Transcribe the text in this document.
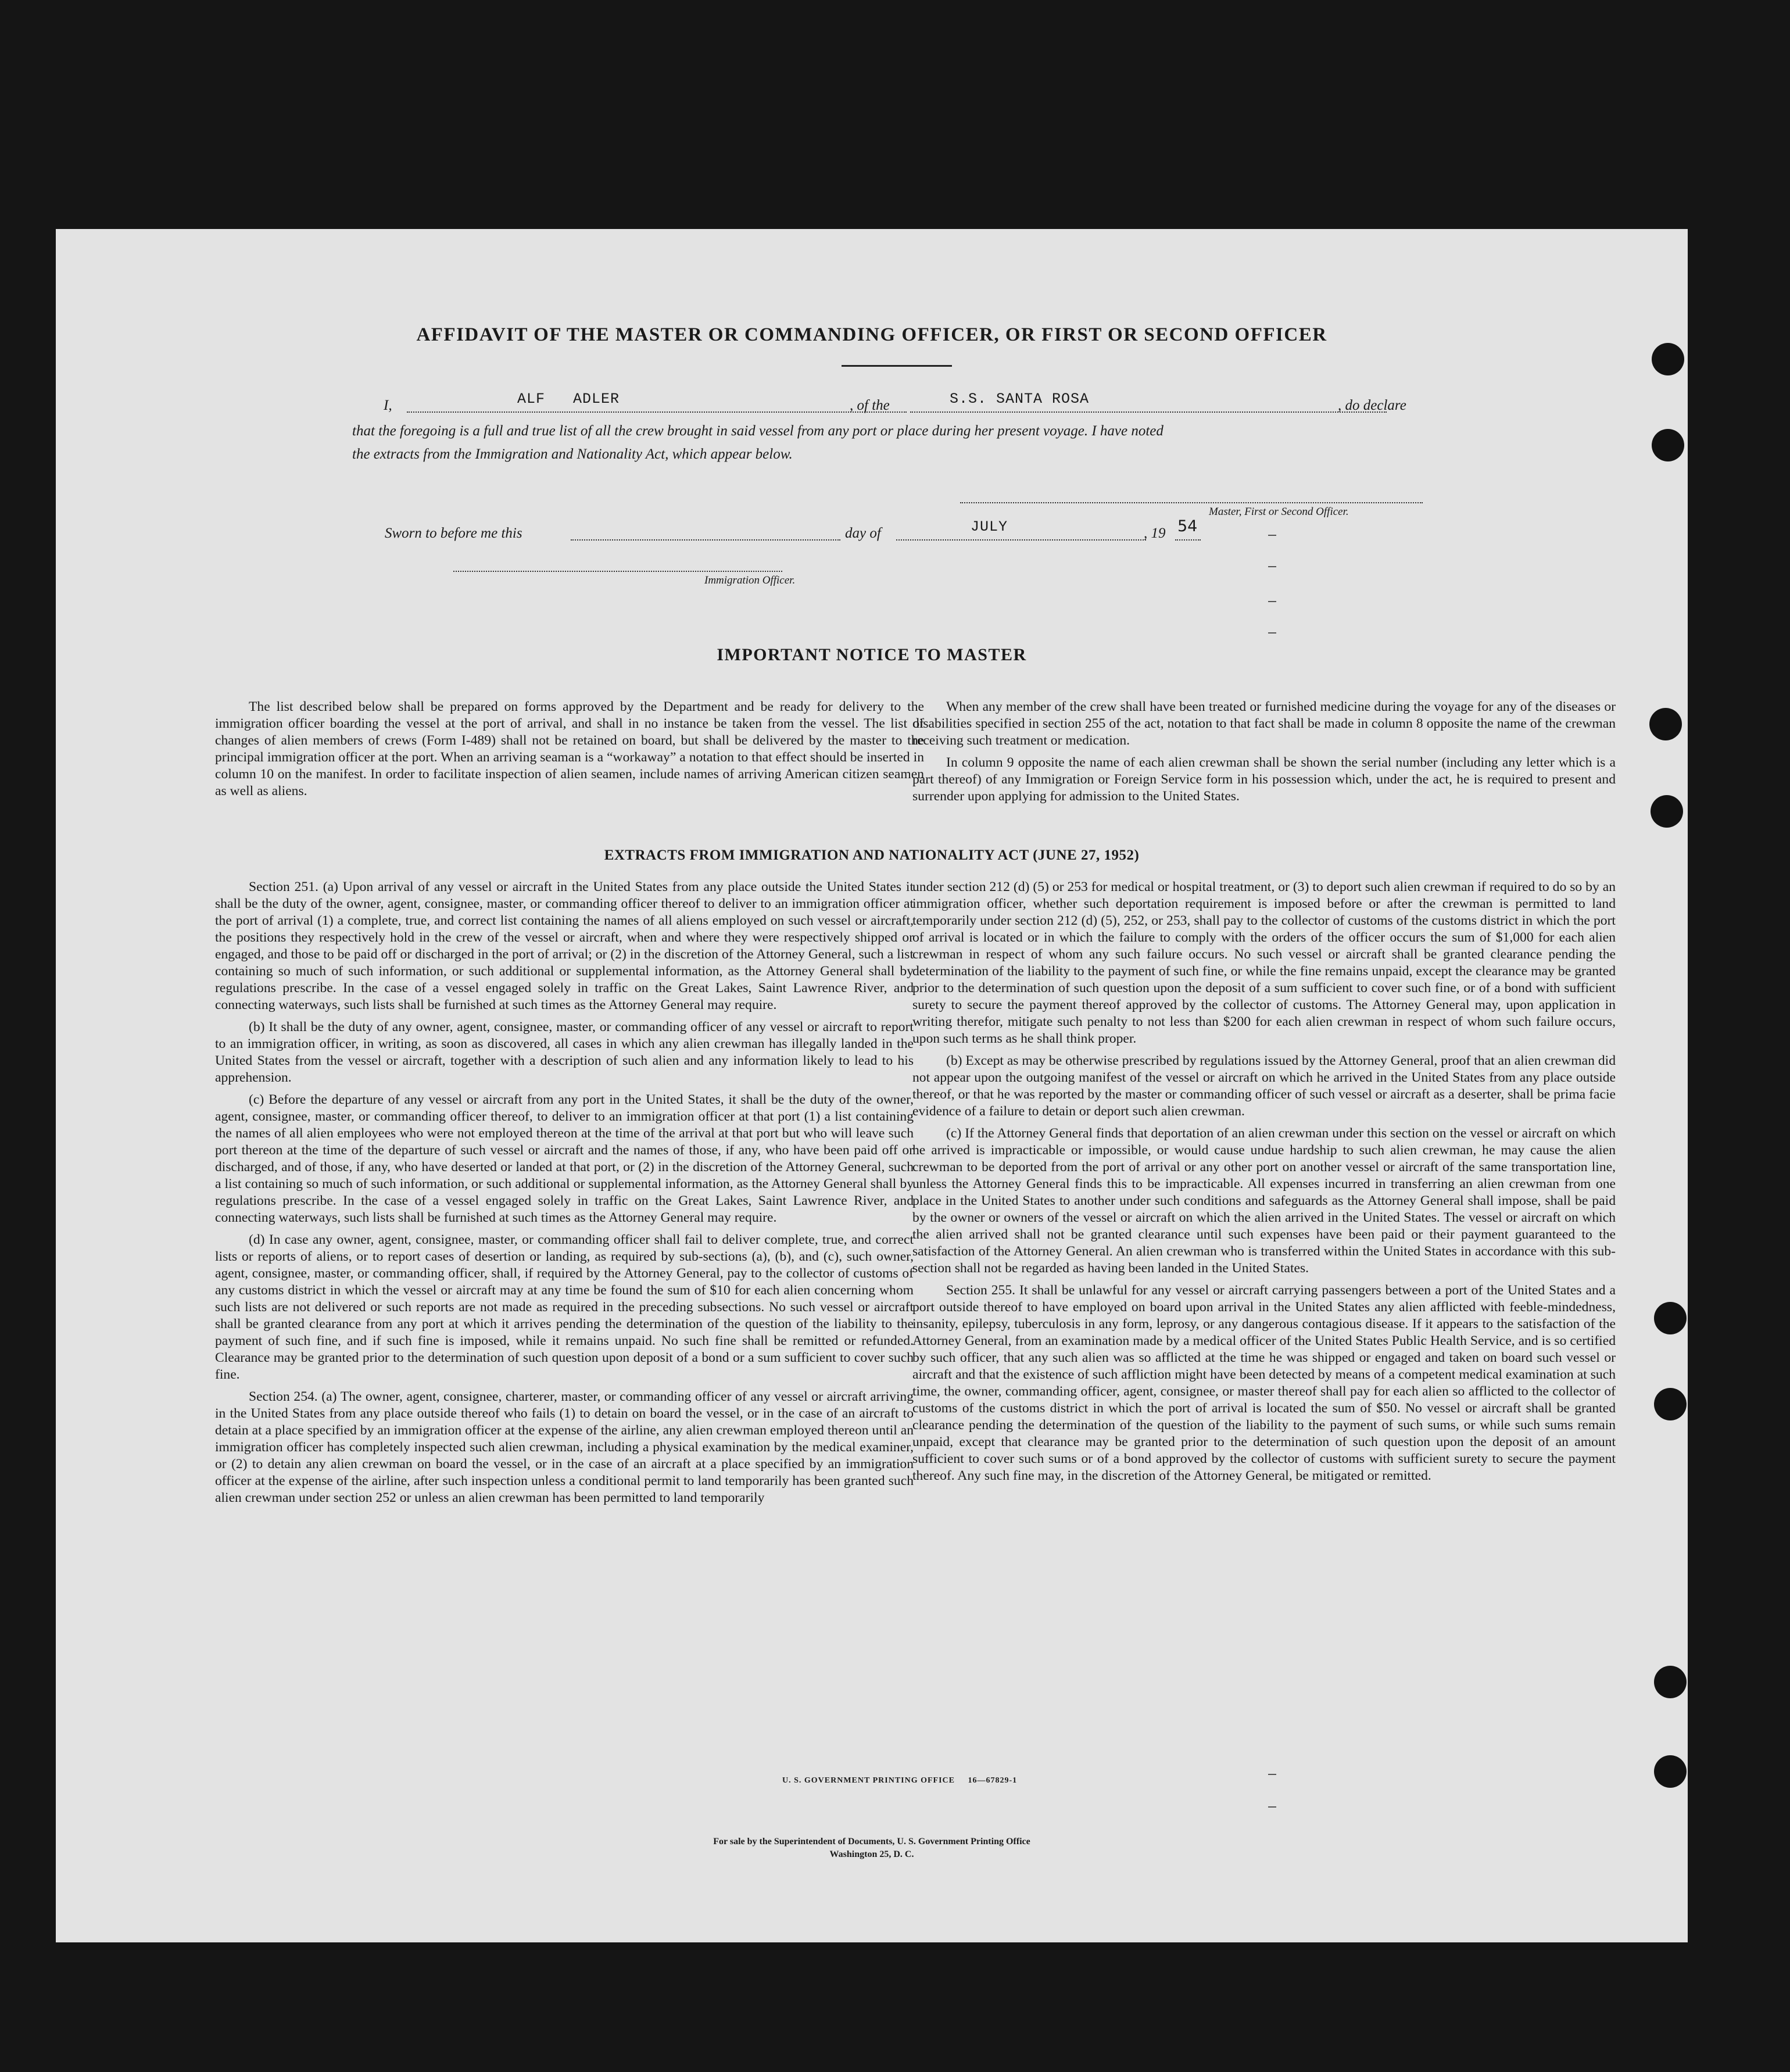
AFFIDAVIT OF THE MASTER OR COMMANDING OFFICER, OR FIRST OR SECOND OFFICER
I,	ALF   ADLER	, of the	S.S. SANTA ROSA	, do declare
that the foregoing is a full and true list of all the crew brought in said vessel from any port or place during her present voyage. I have noted
the extracts from the Immigration and Nationality Act, which appear below.
Master, First or Second Officer.
Sworn to before me this	day of	JULY	, 19 54
Immigration Officer.
IMPORTANT NOTICE TO MASTER

The list described below shall be prepared on forms approved by the Department and be ready for delivery to the immigration officer boarding the vessel at the port of arrival, and shall in no instance be taken from the vessel. The list of changes of alien members of crews (Form I-489) shall not be retained on board, but shall be delivered by the master to the principal immigration officer at the port. When an arriving seaman is a “workaway” a notation to that effect should be inserted in column 10 on the manifest. In order to facilitate inspection of alien seamen, include names of arriving American citizen seamen as well as aliens.

When any member of the crew shall have been treated or furnished medicine during the voyage for any of the diseases or disabilities specified in section 255 of the act, notation to that fact shall be made in column 8 opposite the name of the crewman receiving such treatment or medication.

In column 9 opposite the name of each alien crewman shall be shown the serial number (including any letter which is a part thereof) of any Immigration or Foreign Service form in his possession which, under the act, he is required to present and surrender upon applying for admission to the United States.

EXTRACTS FROM IMMIGRATION AND NATIONALITY ACT (JUNE 27, 1952)

Section 251. (a) Upon arrival of any vessel or aircraft in the United States from any place outside the United States it shall be the duty of the owner, agent, consignee, master, or commanding officer thereof to deliver to an immigration officer at the port of arrival (1) a complete, true, and correct list containing the names of all aliens employed on such vessel or aircraft, the positions they respectively hold in the crew of the vessel or aircraft, when and where they were respectively shipped or engaged, and those to be paid off or discharged in the port of arrival; or (2) in the discretion of the Attorney General, such a list containing so much of such information, or such additional or supplemental information, as the Attorney General shall by regulations prescribe. In the case of a vessel engaged solely in traffic on the Great Lakes, Saint Lawrence River, and connecting waterways, such lists shall be furnished at such times as the Attorney General may require.

(b) It shall be the duty of any owner, agent, consignee, master, or commanding officer of any vessel or aircraft to report to an immigration officer, in writing, as soon as discovered, all cases in which any alien crewman has illegally landed in the United States from the vessel or aircraft, together with a description of such alien and any information likely to lead to his apprehension.

(c) Before the departure of any vessel or aircraft from any port in the United States, it shall be the duty of the owner, agent, consignee, master, or commanding officer thereof, to deliver to an immigration officer at that port (1) a list containing the names of all alien employees who were not employed thereon at the time of the arrival at that port but who will leave such port thereon at the time of the departure of such vessel or aircraft and the names of those, if any, who have been paid off or discharged, and of those, if any, who have deserted or landed at that port, or (2) in the discretion of the Attorney General, such a list containing so much of such information, or such additional or supplemental information, as the Attorney General shall by regulations prescribe. In the case of a vessel engaged solely in traffic on the Great Lakes, Saint Lawrence River, and connecting waterways, such lists shall be furnished at such times as the Attorney General may require.

(d) In case any owner, agent, consignee, master, or commanding officer shall fail to deliver complete, true, and correct lists or reports of aliens, or to report cases of desertion or landing, as required by sub-sections (a), (b), and (c), such owner, agent, consignee, master, or commanding officer, shall, if required by the Attorney General, pay to the collector of customs of any customs district in which the vessel or aircraft may at any time be found the sum of $10 for each alien concerning whom such lists are not delivered or such reports are not made as required in the preceding subsections. No such vessel or aircraft shall be granted clearance from any port at which it arrives pending the determination of the question of the liability to the payment of such fine, and if such fine is imposed, while it remains unpaid. No such fine shall be remitted or refunded. Clearance may be granted prior to the determination of such question upon deposit of a bond or a sum sufficient to cover such fine.

Section 254. (a) The owner, agent, consignee, charterer, master, or commanding officer of any vessel or aircraft arriving in the United States from any place outside thereof who fails (1) to detain on board the vessel, or in the case of an aircraft to detain at a place specified by an immigration officer at the expense of the airline, any alien crewman employed thereon until an immigration officer has completely inspected such alien crewman, including a physical examination by the medical examiner, or (2) to detain any alien crewman on board the vessel, or in the case of an aircraft at a place specified by an immigration officer at the expense of the airline, after such inspection unless a conditional permit to land temporarily has been granted such alien crewman under section 252 or unless an alien crewman has been permitted to land temporarily

under section 212 (d) (5) or 253 for medical or hospital treatment, or (3) to deport such alien crewman if required to do so by an immigration officer, whether such deportation requirement is imposed before or after the crewman is permitted to land temporarily under section 212 (d) (5), 252, or 253, shall pay to the collector of customs of the customs district in which the port of arrival is located or in which the failure to comply with the orders of the officer occurs the sum of $1,000 for each alien crewman in respect of whom any such failure occurs. No such vessel or aircraft shall be granted clearance pending the determination of the liability to the payment of such fine, or while the fine remains unpaid, except the clearance may be granted prior to the determination of such question upon the deposit of a sum sufficient to cover such fine, or of a bond with sufficient surety to secure the payment thereof approved by the collector of customs. The Attorney General may, upon application in writing therefor, mitigate such penalty to not less than $200 for each alien crewman in respect of whom such failure occurs, upon such terms as he shall think proper.

(b) Except as may be otherwise prescribed by regulations issued by the Attorney General, proof that an alien crewman did not appear upon the outgoing manifest of the vessel or aircraft on which he arrived in the United States from any place outside thereof, or that he was reported by the master or commanding officer of such vessel or aircraft as a deserter, shall be prima facie evidence of a failure to detain or deport such alien crewman.

(c) If the Attorney General finds that deportation of an alien crewman under this section on the vessel or aircraft on which he arrived is impracticable or impossible, or would cause undue hardship to such alien crewman, he may cause the alien crewman to be deported from the port of arrival or any other port on another vessel or aircraft of the same transportation line, unless the Attorney General finds this to be impracticable. All expenses incurred in transferring an alien crewman from one place in the United States to another under such conditions and safeguards as the Attorney General shall impose, shall be paid by the owner or owners of the vessel or aircraft on which the alien arrived in the United States. The vessel or aircraft on which the alien arrived shall not be granted clearance until such expenses have been paid or their payment guaranteed to the satisfaction of the Attorney General. An alien crewman who is transferred within the United States in accordance with this sub-section shall not be regarded as having been landed in the United States.

Section 255. It shall be unlawful for any vessel or aircraft carrying passengers between a port of the United States and a port outside thereof to have employed on board upon arrival in the United States any alien afflicted with feeble-mindedness, insanity, epilepsy, tuberculosis in any form, leprosy, or any dangerous contagious disease. If it appears to the satisfaction of the Attorney General, from an examination made by a medical officer of the United States Public Health Service, and is so certified by such officer, that any such alien was so afflicted at the time he was shipped or engaged and taken on board such vessel or aircraft and that the existence of such affliction might have been detected by means of a competent medical examination at such time, the owner, commanding officer, agent, consignee, or master thereof shall pay for each alien so afflicted to the collector of customs of the customs district in which the port of arrival is located the sum of $50. No vessel or aircraft shall be granted clearance pending the determination of the question of the liability to the payment of such sums, or while such sums remain unpaid, except that clearance may be granted prior to the determination of such question upon the deposit of an amount sufficient to cover such sums or of a bond approved by the collector of customs with sufficient surety to secure the payment thereof. Any such fine may, in the discretion of the Attorney General, be mitigated or remitted.

U. S. GOVERNMENT PRINTING OFFICE     16—67829-1
For sale by the Superintendent of Documents, U. S. Government Printing Office
Washington 25, D. C.
